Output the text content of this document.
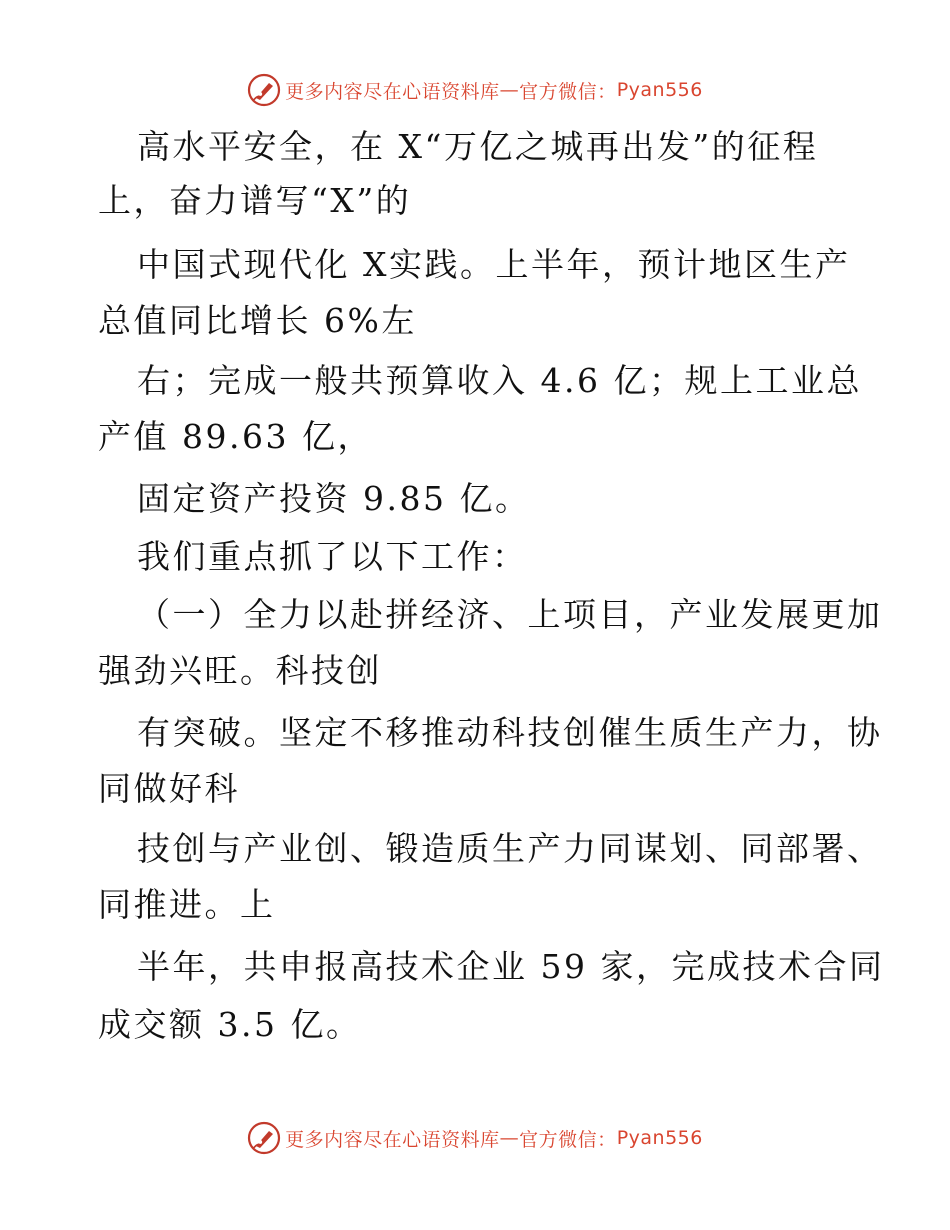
更多内容尽在心语资料库 — 官方微信： Pyan556
高水平安全，在 X“万亿之城再出发”的征程
上，奋力谱写“X”的
中国式现代化 X实践。上半年，预计地区生产
总值同比增长 6%左
右；完成一般共预算收入 4.6 亿；规上工业总
产值 89.63 亿，
固定资产投资 9.85 亿。
我们重点抓了以下工作：
（一）全力以赴拼经济、上项目，产业发展更加
强劲兴旺。科技创
有突破。坚定不移推动科技创催生质生产力，协
同做好科
技创与产业创、锻造质生产力同谋划、同部署、
同推进。上
半年，共申报高技术企业 59 家，完成技术合同
成交额 3.5 亿。
更多内容尽在心语资料库 — 官方微信： Pyan556
